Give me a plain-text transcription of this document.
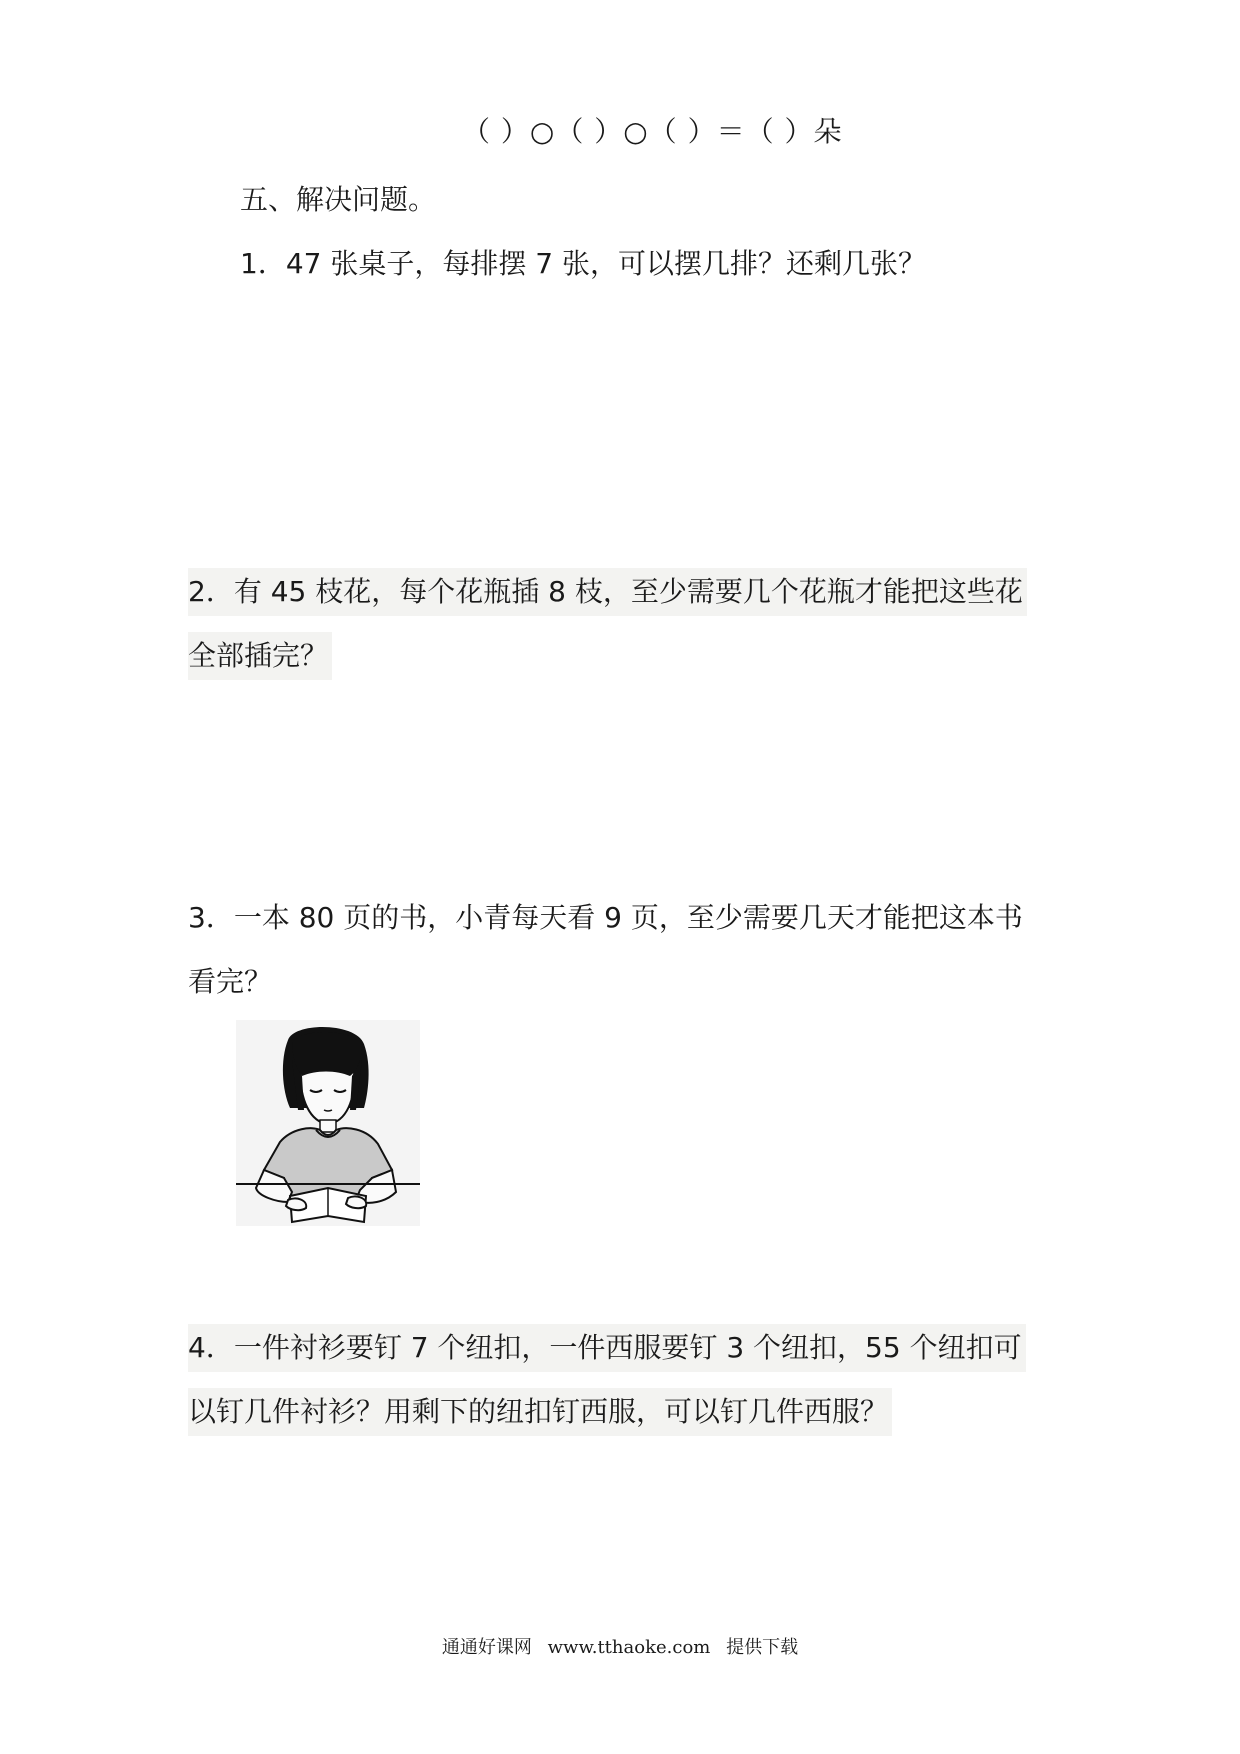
（ ）○（ ）○（ ）＝（ ）朵
五、解决问题。
1．47 张桌子，每排摆 7 张，可以摆几排？还剩几张？
2．有 45 枝花，每个花瓶插 8 枝，至少需要几个花瓶才能把这些花
全部插完？
3．一本 80 页的书，小青每天看 9 页，至少需要几天才能把这本书
看完？
4．一件衬衫要钉 7 个纽扣，一件西服要钉 3 个纽扣，55 个纽扣可
以钉几件衬衫？用剩下的纽扣钉西服，可以钉几件西服？
通通好课网 www.tthaoke.com 提供下载
